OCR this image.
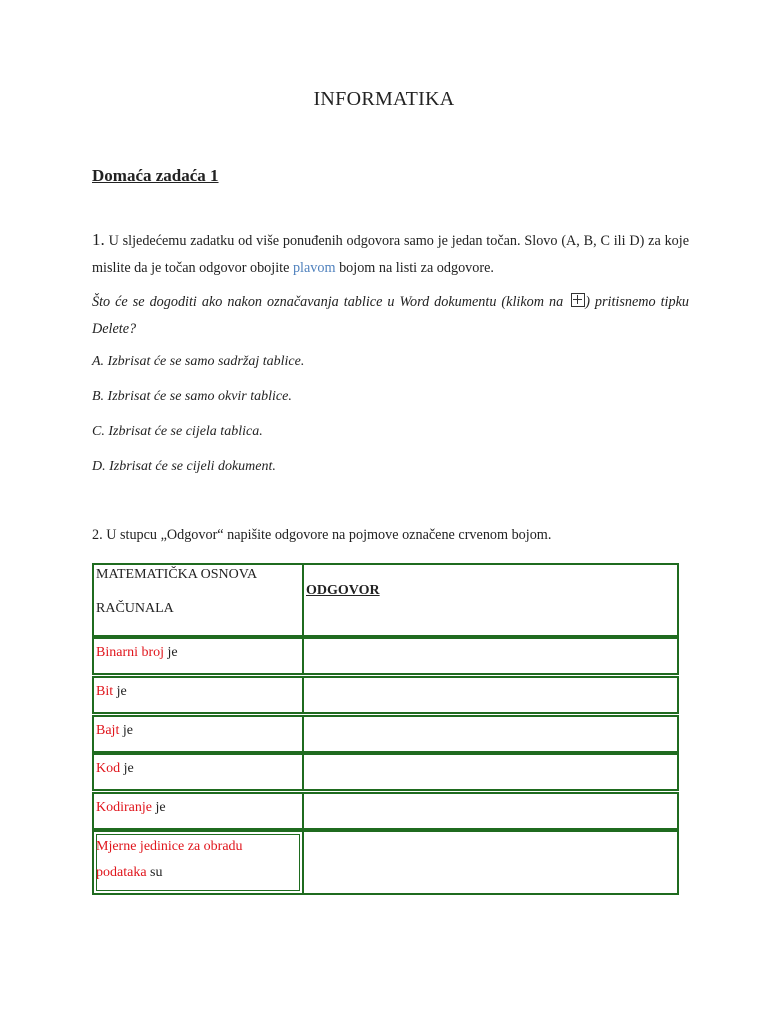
INFORMATIKA
Domaća zadaća 1
1. U sljedećemu zadatku od više ponuđenih odgovora samo je jedan točan. Slovo (A, B, C ili D) za koje mislite da je točan odgovor obojite plavom bojom na listi za odgovore.
Što će se dogoditi ako nakon označavanja tablice u Word dokumentu (klikom na ) pritisnemo tipku Delete?
A. Izbrisat će se samo sadržaj tablice.
B. Izbrisat će se samo okvir tablice.
C. Izbrisat će se cijela tablica.
D. Izbrisat će se cijeli dokument.
2. U stupcu „Odgovor“ napišite odgovore na pojmove označene crvenom bojom.
MATEMATIČKA OSNOVA
RAČUNALA
ODGOVOR
Binarni broj je
Bit je
Bajt je
Kod je
Kodiranje je
Mjerne jedinice za obradu
podataka su
